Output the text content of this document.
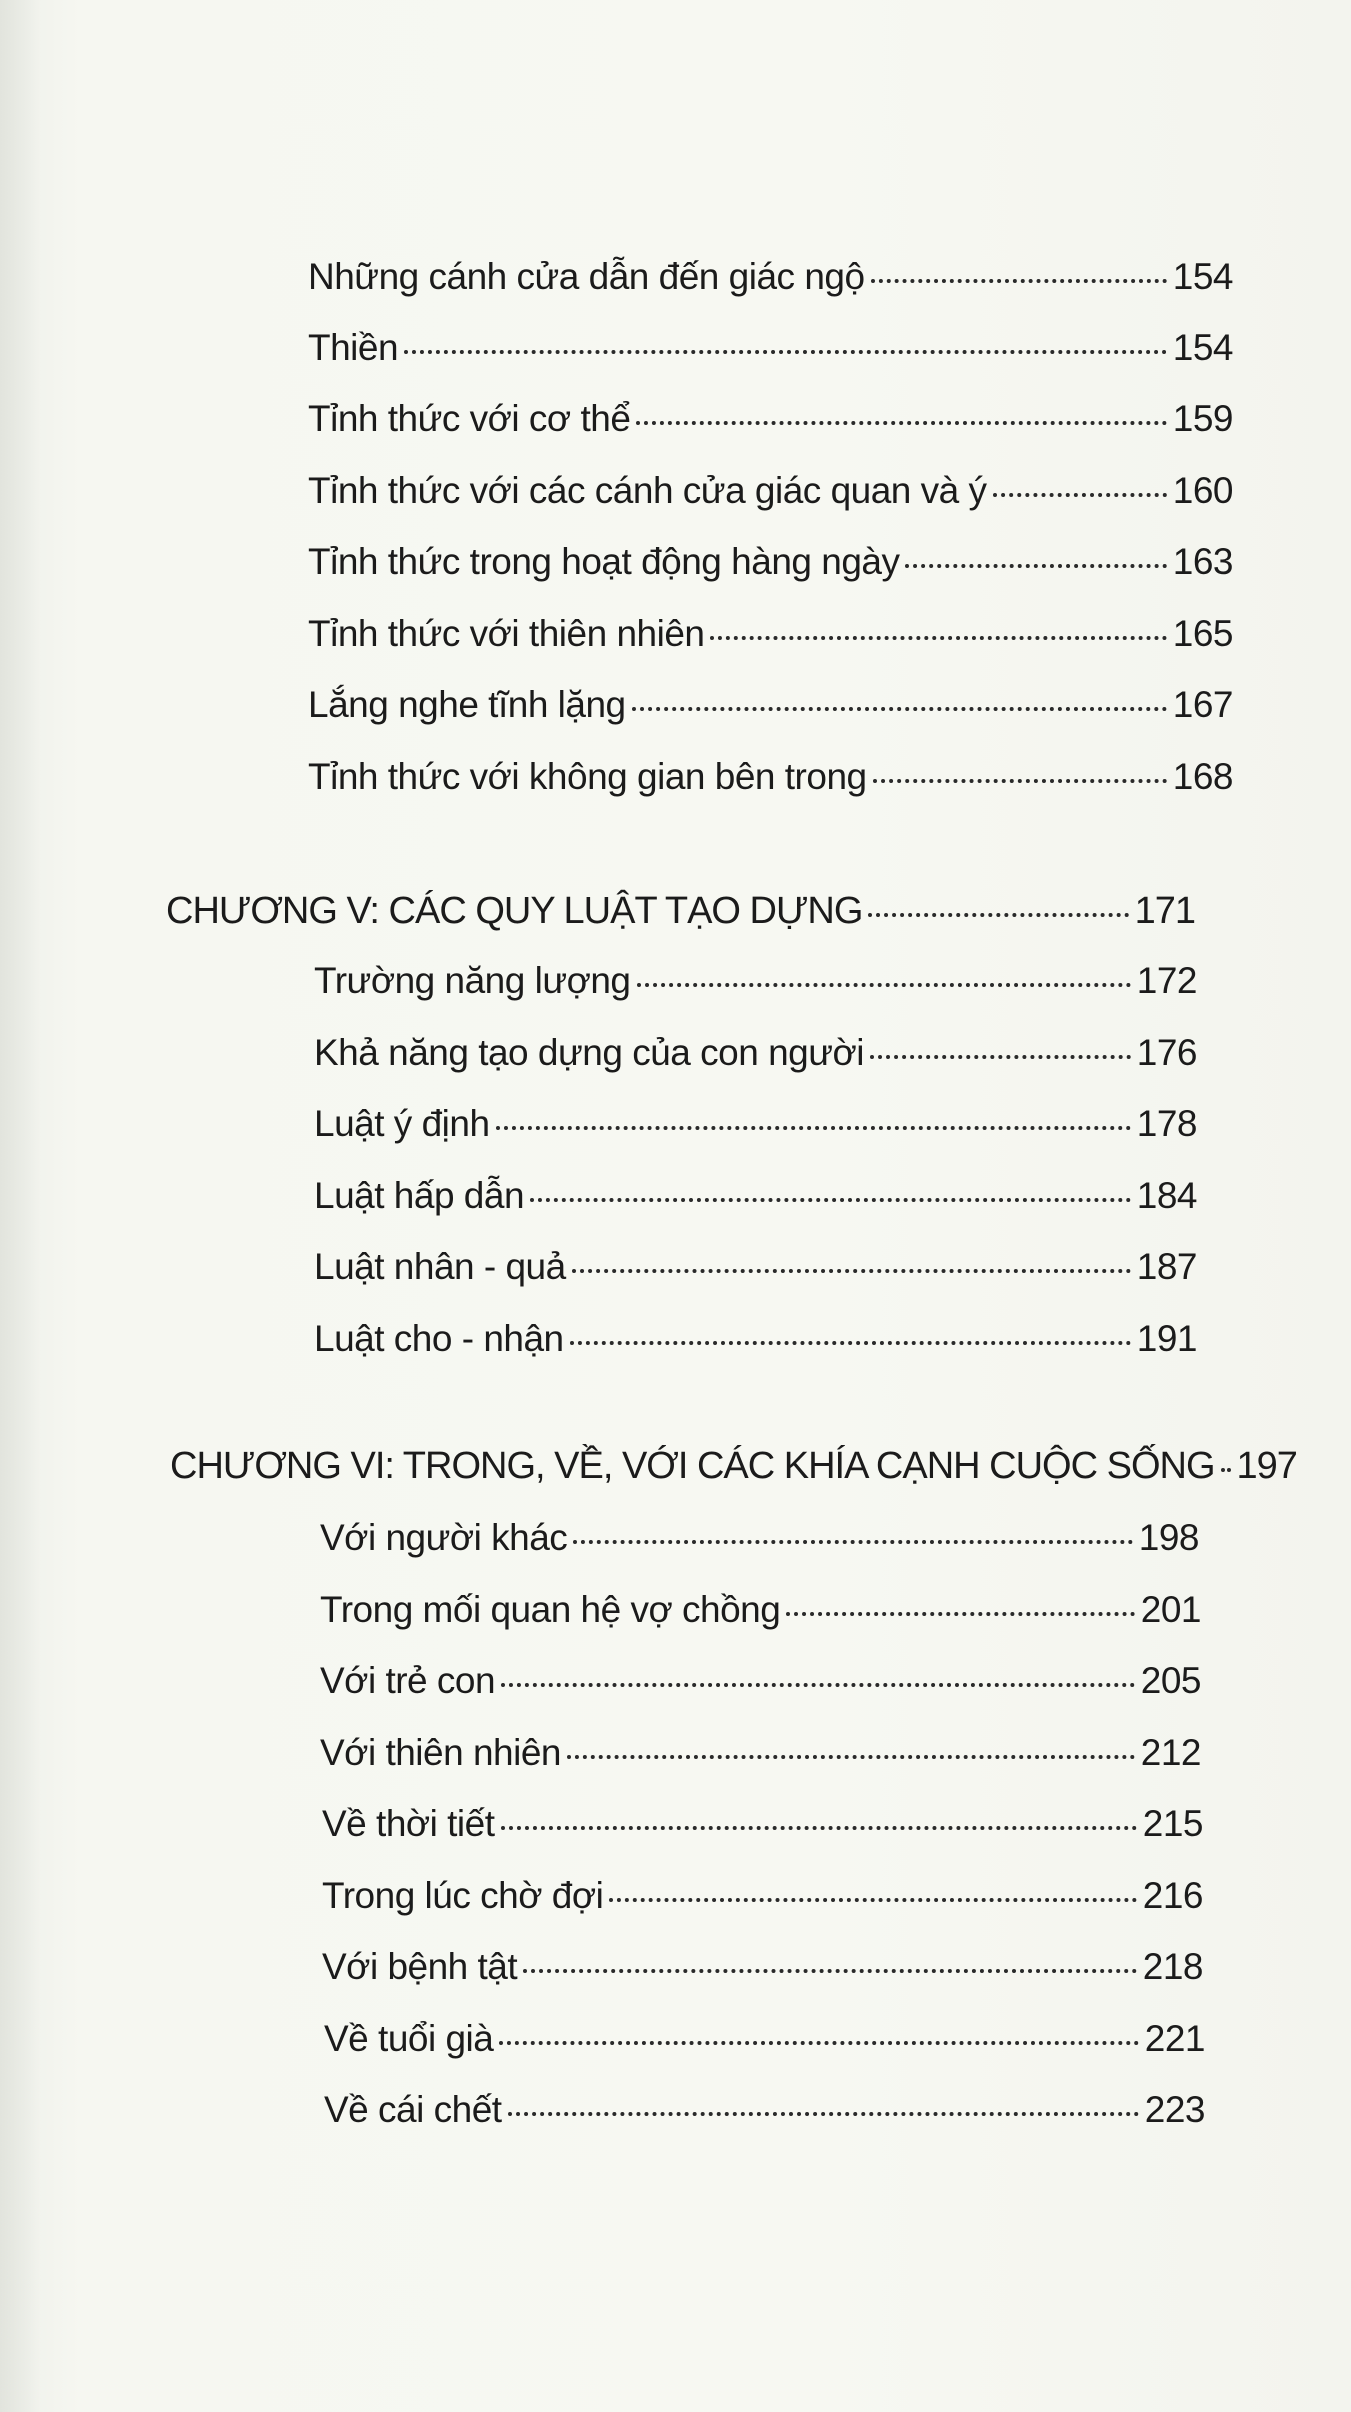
Những cánh cửa dẫn đến giác ngộ	154
Thiền	154
Tỉnh thức với cơ thể	159
Tỉnh thức với các cánh cửa giác quan và ý	160
Tỉnh thức trong hoạt động hàng ngày	163
Tỉnh thức với thiên nhiên	165
Lắng nghe tĩnh lặng	167
Tỉnh thức với không gian bên trong	168
CHƯƠNG V: CÁC QUY LUẬT TẠO DỰNG	171
Trường năng lượng	172
Khả năng tạo dựng của con người	176
Luật ý định	178
Luật hấp dẫn	184
Luật nhân - quả	187
Luật cho - nhận	191
CHƯƠNG VI: TRONG, VỀ, VỚI CÁC KHÍA CẠNH CUỘC SỐNG 197
Với người khác	198
Trong mối quan hệ vợ chồng	201
Với trẻ con	205
Với thiên nhiên	212
Về thời tiết	215
Trong lúc chờ đợi	216
Với bệnh tật	218
Về tuổi già	221
Về cái chết	223
